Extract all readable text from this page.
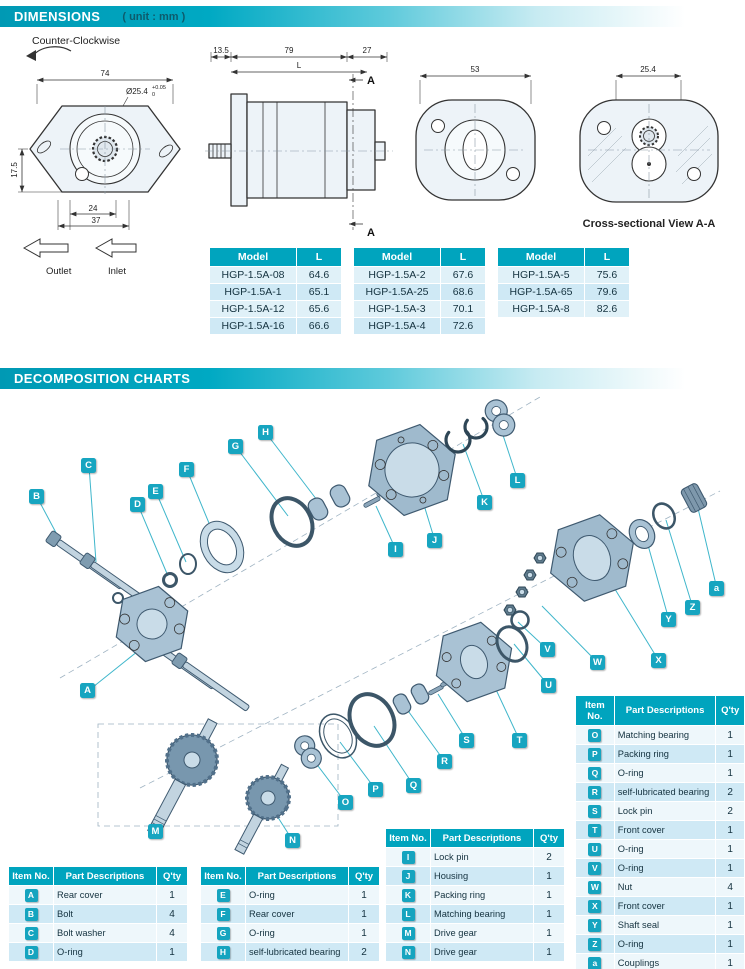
DIMENSIONS ( unit : mm )
Counter-Clockwise
74
Ø25.4 +0.05
0
17.5
24
37
Outlet	Inlet
13.5	79	27
L
A
A
53	25.4
Cross-sectional View A-A
Model	L
HGP-1.5A-08	64.6
HGP-1.5A-1	65.1
HGP-1.5A-12	65.6
HGP-1.5A-16	66.6
Model	L
HGP-1.5A-2	67.6
HGP-1.5A-25	68.6
HGP-1.5A-3	70.1
HGP-1.5A-4	72.6
Model	L
HGP-1.5A-5	75.6
HGP-1.5A-65	79.6
HGP-1.5A-8	82.6
DECOMPOSITION CHARTS
A
B
C
D
E
F
G
H
I
J
K
L
M
N
O
P	Q
R
S	T
U
V
W	X
Y
Z
a
Item No.	Part Descriptions	Q'ty
A	Rear cover	1
B	Bolt	4
C	Bolt washer	4
D	O-ring	1
Item No.	Part Descriptions	Q'ty
E	O-ring	1
F	Rear cover	1
G	O-ring	1
H	self-lubricated bearing	2
Item No.	Part Descriptions	Q'ty
I	Lock pin	2
J	Housing	1
K	Packing ring	1
L	Matching bearing	1
M	Drive gear	1
N	Drive gear	1
Item No.	Part Descriptions	Q'ty
O	Matching bearing	1
P	Packing ring	1
Q	O-ring	1
R	self-lubricated bearing	2
S	Lock pin	2
T	Front cover	1
U	O-ring	1
V	O-ring	1
W	Nut	4
X	Front cover	1
Y	Shaft seal	1
Z	O-ring	1
a	Couplings	1
